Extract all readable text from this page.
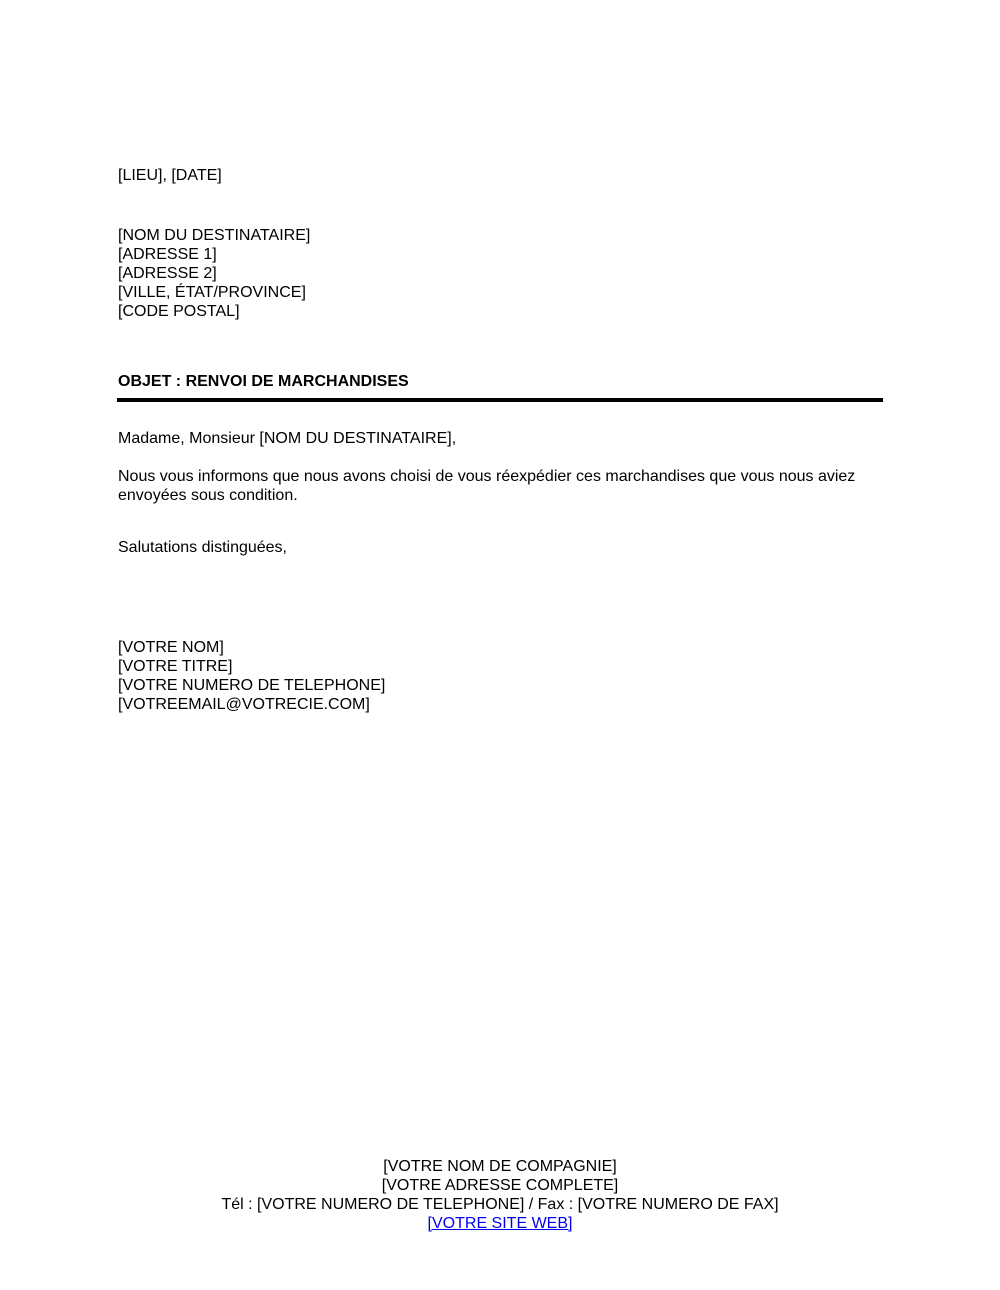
[LIEU], [DATE]
[NOM DU DESTINATAIRE]
[ADRESSE 1]
[ADRESSE 2]
[VILLE, ÉTAT/PROVINCE]
[CODE POSTAL]
OBJET : RENVOI DE MARCHANDISES
Madame, Monsieur [NOM DU DESTINATAIRE],
Nous vous informons que nous avons choisi de vous réexpédier ces marchandises que vous nous aviez envoyées sous condition.
Salutations distinguées,
[VOTRE NOM]
[VOTRE TITRE]
[VOTRE NUMERO DE TELEPHONE]
[VOTREEMAIL@VOTRECIE.COM]
[VOTRE NOM DE COMPAGNIE]
[VOTRE ADRESSE COMPLETE]
Tél : [VOTRE NUMERO DE TELEPHONE] / Fax : [VOTRE NUMERO DE FAX]
[VOTRE SITE WEB]
